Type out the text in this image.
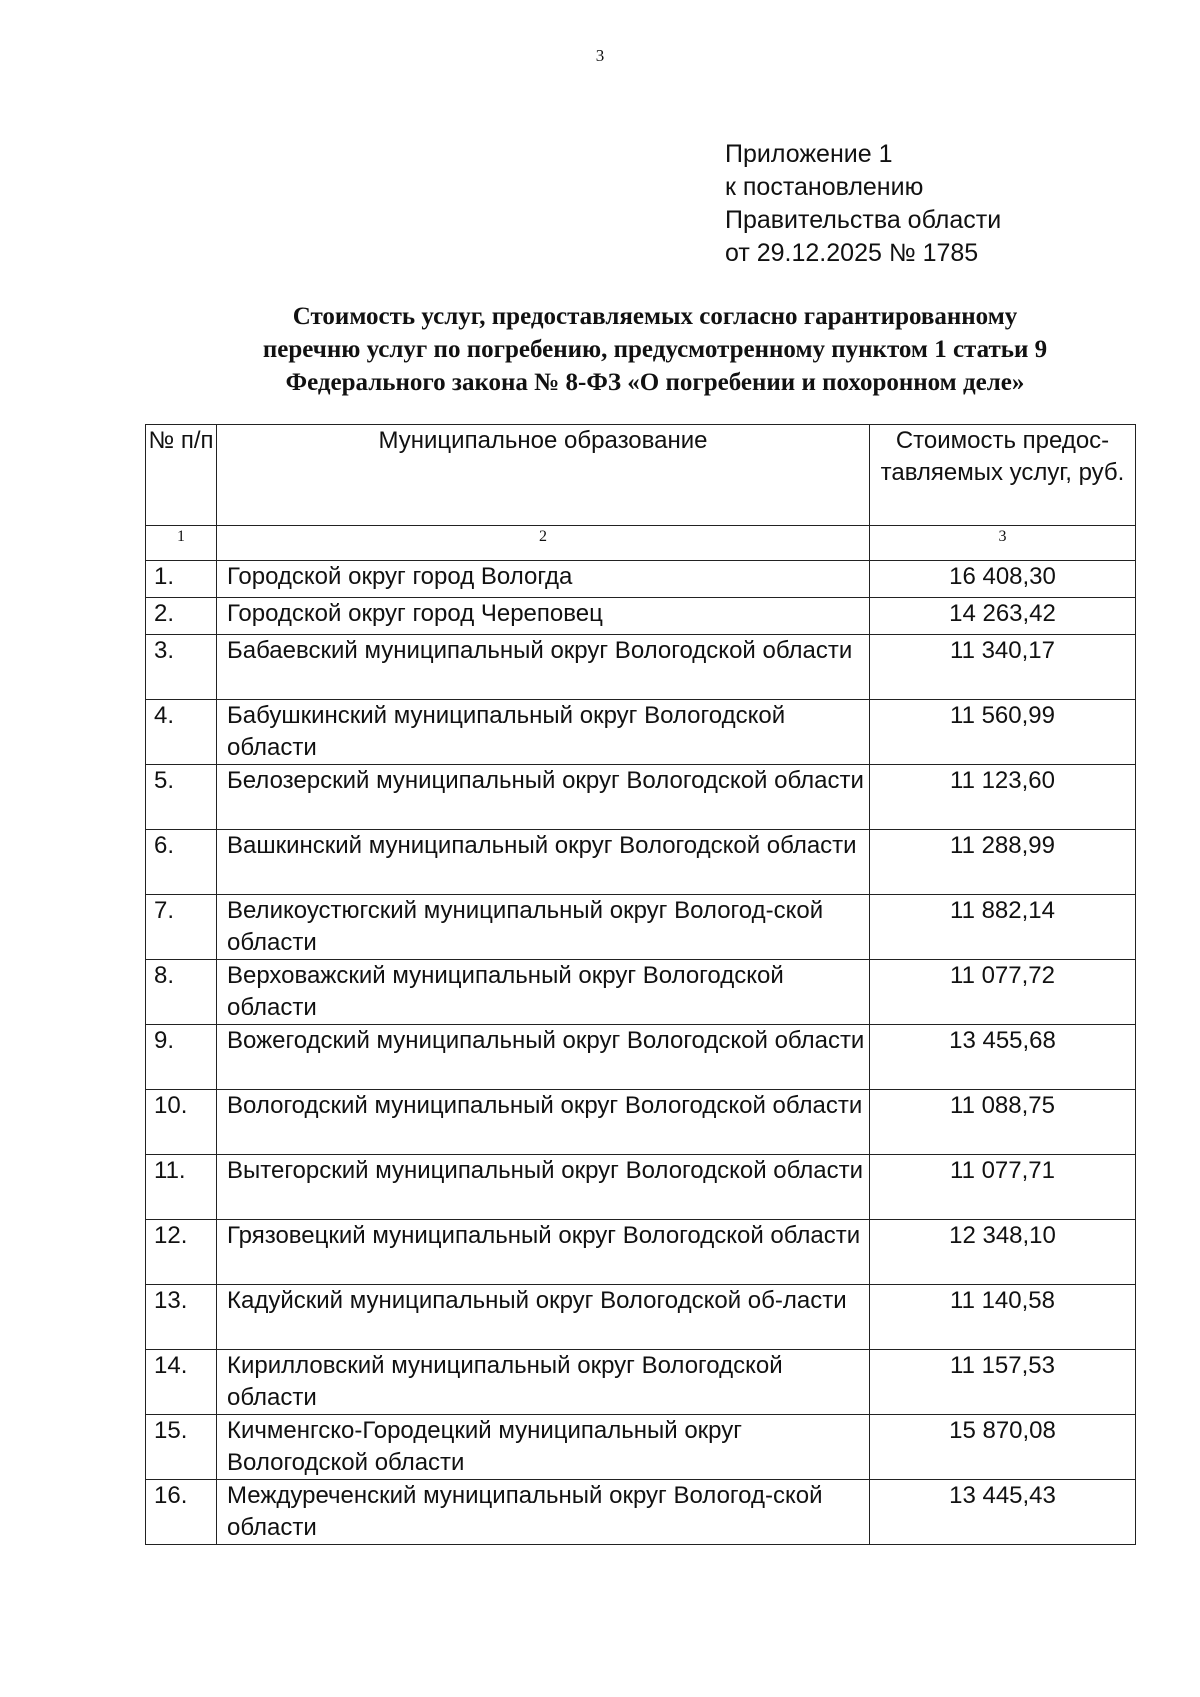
3
Приложение 1
к постановлению
Правительства области
от 29.12.2025 № 1785
Стоимость услуг, предоставляемых согласно гарантированному
перечню услуг по погребению, предусмотренному пунктом 1 статьи 9
Федерального закона № 8-ФЗ «О погребении и похоронном деле»
№ п/п	Муниципальное образование	Стоимость предос-тавляемых услуг, руб.
1	2	3
1.	Городской округ город Вологда	16 408,30
2.	Городской округ город Череповец	14 263,42
3.	Бабаевский муниципальный округ Вологодской области	11 340,17
4.	Бабушкинский муниципальный округ Вологодской области	11 560,99
5.	Белозерский муниципальный округ Вологодской области	11 123,60
6.	Вашкинский муниципальный округ Вологодской области	11 288,99
7.	Великоустюгский муниципальный округ Вологод-ской области	11 882,14
8.	Верховажский муниципальный округ Вологодской области	11 077,72
9.	Вожегодский муниципальный округ Вологодской области	13 455,68
10.	Вологодский муниципальный округ Вологодской области	11 088,75
11.	Вытегорский муниципальный округ Вологодской области	11 077,71
12.	Грязовецкий муниципальный округ Вологодской области	12 348,10
13.	Кадуйский муниципальный округ Вологодской об-ласти	11 140,58
14.	Кирилловский муниципальный округ Вологодской области	11 157,53
15.	Кичменгско-Городецкий муниципальный округ Вологодской области	15 870,08
16.	Междуреченский муниципальный округ Вологод-ской области	13 445,43
